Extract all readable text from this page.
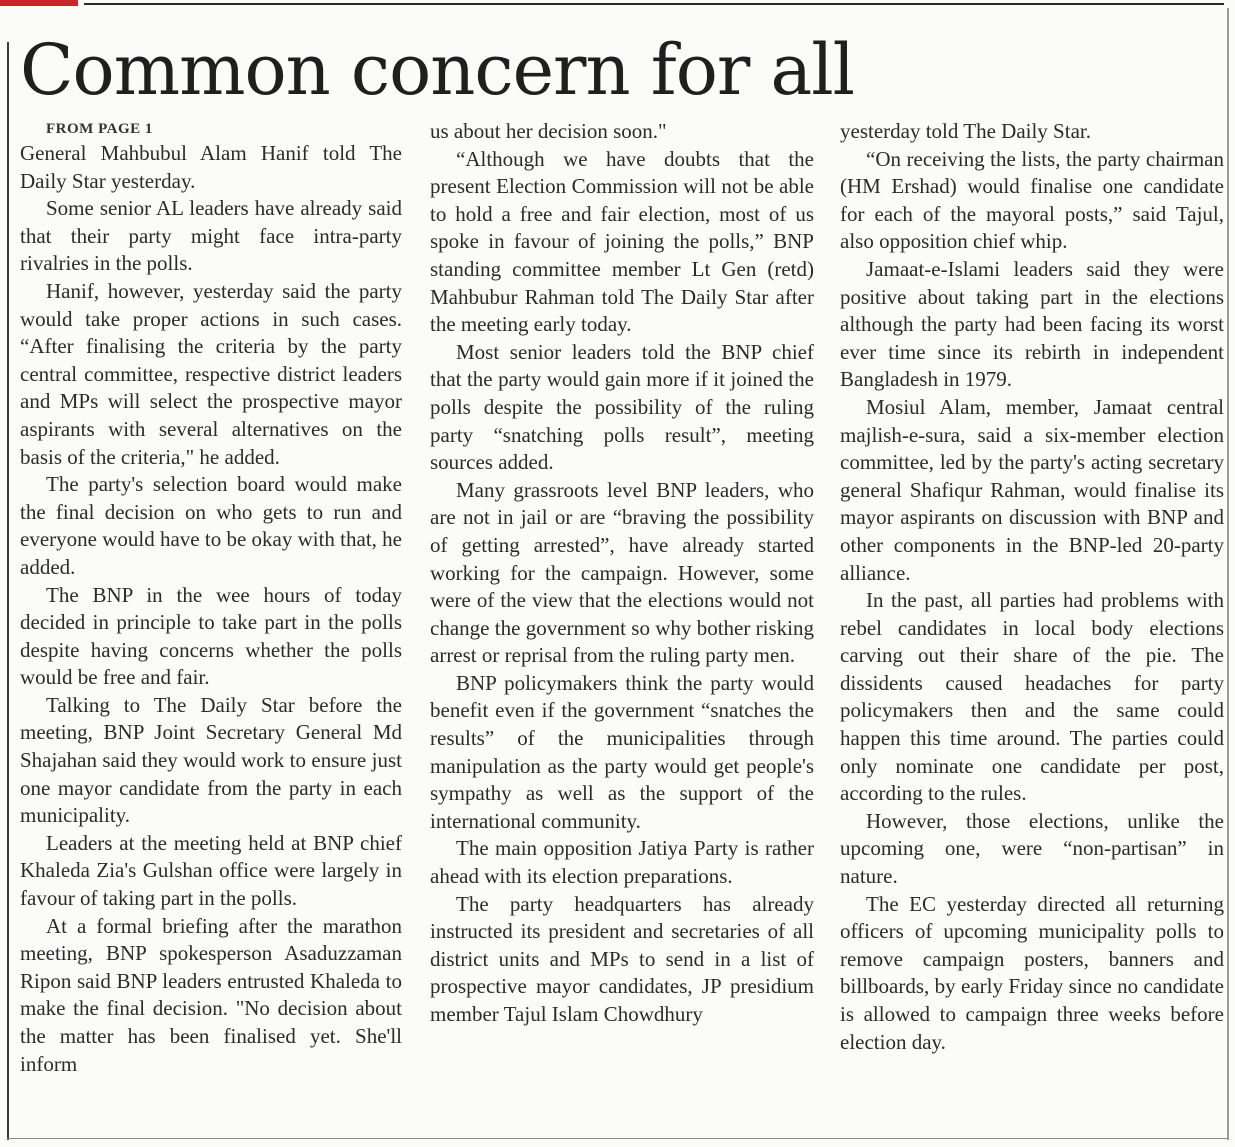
Common concern for all

FROM PAGE 1

General Mahbubul Alam Hanif told The Daily Star yesterday.

Some senior AL leaders have already said that their party might face intra-party rivalries in the polls.

Hanif, however, yesterday said the party would take proper actions in such cases. “After finalising the criteria by the party central committee, respective district leaders and MPs will select the prospective mayor aspirants with several alternatives on the basis of the criteria," he added.

The party's selection board would make the final decision on who gets to run and everyone would have to be okay with that, he added.

The BNP in the wee hours of today decided in principle to take part in the polls despite having concerns whether the polls would be free and fair.

Talking to The Daily Star before the meeting, BNP Joint Secretary General Md Shajahan said they would work to ensure just one mayor candidate from the party in each municipality.

Leaders at the meeting held at BNP chief Khaleda Zia's Gulshan office were largely in favour of taking part in the polls.

At a formal briefing after the marathon meeting, BNP spokesperson Asaduzzaman Ripon said BNP leaders entrusted Khaleda to make the final decision. "No decision about the matter has been finalised yet. She'll inform

us about her decision soon."

“Although we have doubts that the present Election Commission will not be able to hold a free and fair election, most of us spoke in favour of joining the polls,” BNP standing committee member Lt Gen (retd) Mahbubur Rahman told The Daily Star after the meeting early today.

Most senior leaders told the BNP chief that the party would gain more if it joined the polls despite the possibility of the ruling party “snatching polls result”, meeting sources added.

Many grassroots level BNP leaders, who are not in jail or are “braving the possibility of getting arrested”, have already started working for the campaign. However, some were of the view that the elections would not change the government so why bother risking arrest or reprisal from the ruling party men.

BNP policymakers think the party would benefit even if the government “snatches the results” of the municipalities through manipulation as the party would get people's sympathy as well as the support of the international community.

The main opposition Jatiya Party is rather ahead with its election preparations.

The party headquarters has already instructed its president and secretaries of all district units and MPs to send in a list of prospective mayor candidates, JP presidium member Tajul Islam Chowdhury

yesterday told The Daily Star.

“On receiving the lists, the party chairman (HM Ershad) would finalise one candidate for each of the mayoral posts,” said Tajul, also opposition chief whip.

Jamaat-e-Islami leaders said they were positive about taking part in the elections although the party had been facing its worst ever time since its rebirth in independent Bangladesh in 1979.

Mosiul Alam, member, Jamaat central majlish-e-sura, said a six-member election committee, led by the party's acting secretary general Shafiqur Rahman, would finalise its mayor aspirants on discussion with BNP and other components in the BNP-led 20-party alliance.

In the past, all parties had problems with rebel candidates in local body elections carving out their share of the pie. The dissidents caused headaches for party policymakers then and the same could happen this time around. The parties could only nominate one candidate per post, according to the rules.

However, those elections, unlike the upcoming one, were “non-partisan” in nature.

The EC yesterday directed all returning officers of upcoming municipality polls to remove campaign posters, banners and billboards, by early Friday since no candidate is allowed to campaign three weeks before election day.
